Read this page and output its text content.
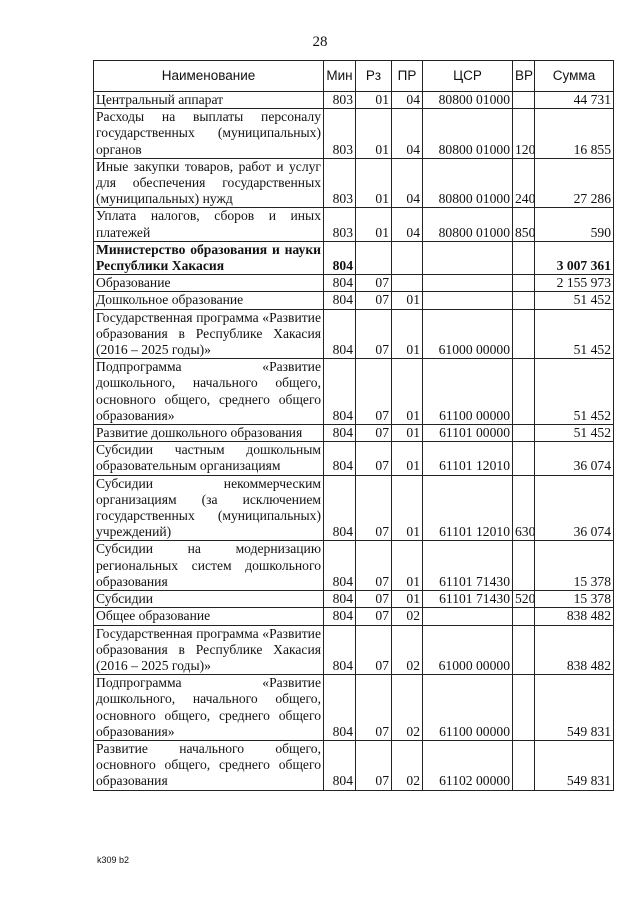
28
Наименование	Мин	Рз	ПР	ЦСР	ВР	Сумма
Центральный аппарат	803	01	04	80800 01000		44 731
Расходы на выплаты персоналу государственных (муниципальных) органов	803	01	04	80800 01000	120	16 855
Иные закупки товаров, работ и услуг для обеспечения государственных (муниципальных) нужд	803	01	04	80800 01000	240	27 286
Уплата налогов, сборов и иных платежей	803	01	04	80800 01000	850	590
Министерство образования и науки Республики Хакасия	804					3 007 361
Образование	804	07				2 155 973
Дошкольное образование	804	07	01			51 452
Государственная программа «Развитие образования в Республике Хакасия (2016 – 2025 годы)»	804	07	01	61000 00000		51 452
Подпрограмма «Развитие дошкольного, начального общего, основного общего, среднего общего образования»	804	07	01	61100 00000		51 452
Развитие дошкольного образования	804	07	01	61101 00000		51 452
Субсидии частным дошкольным образовательным организациям	804	07	01	61101 12010		36 074
Субсидии некоммерческим организациям (за исключением государственных (муниципальных) учреждений)	804	07	01	61101 12010	630	36 074
Субсидии на модернизацию региональных систем дошкольного образования	804	07	01	61101 71430		15 378
Субсидии	804	07	01	61101 71430	520	15 378
Общее образование	804	07	02			838 482
Государственная программа «Развитие образования в Республике Хакасия (2016 – 2025 годы)»	804	07	02	61000 00000		838 482
Подпрограмма «Развитие дошкольного, начального общего, основного общего, среднего общего образования»	804	07	02	61100 00000		549 831
Развитие начального общего, основного общего, среднего общего образования	804	07	02	61102 00000		549 831
k309 b2
